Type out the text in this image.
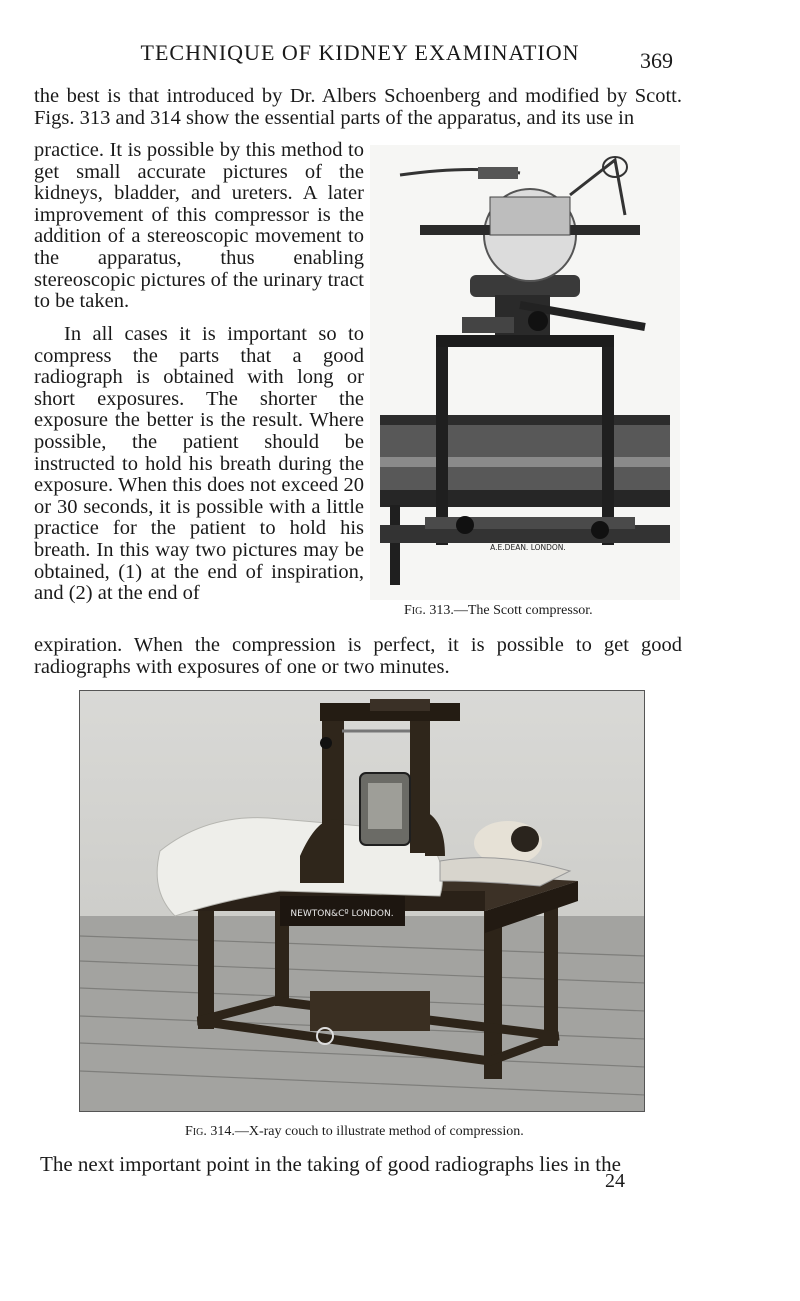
TECHNIQUE OF KIDNEY EXAMINATION	369

the best is that introduced by Dr. Albers Schoenberg and modified by Scott. Figs. 313 and 314 show the essential parts of the apparatus, and its use in

practice. It is possible by this method to get small accurate pictures of the kidneys, bladder, and ureters. A later improvement of this compressor is the addition of a stereoscopic movement to the apparatus, thus enabling stereoscopic pictures of the urinary tract to be taken.

In all cases it is important so to compress the parts that a good radiograph is obtained with long or short exposures. The shorter the exposure the better is the result. Where possible, the patient should be instructed to hold his breath during the exposure. When this does not exceed 20 or 30 seconds, it is possible with a little practice for the patient to hold his breath. In this way two pictures may be obtained, (1) at the end of inspiration, and (2) at the end of

expiration. When the compression is perfect, it is possible to get good radiographs with exposures of one or two minutes.

A.E.DEAN. LONDON.
Fig. 313.—The Scott compressor.
NEWTON&Cº LONDON.
Fig. 314.—X-ray couch to illustrate method of compression.
The next important point in the taking of good radiographs lies in the
24
